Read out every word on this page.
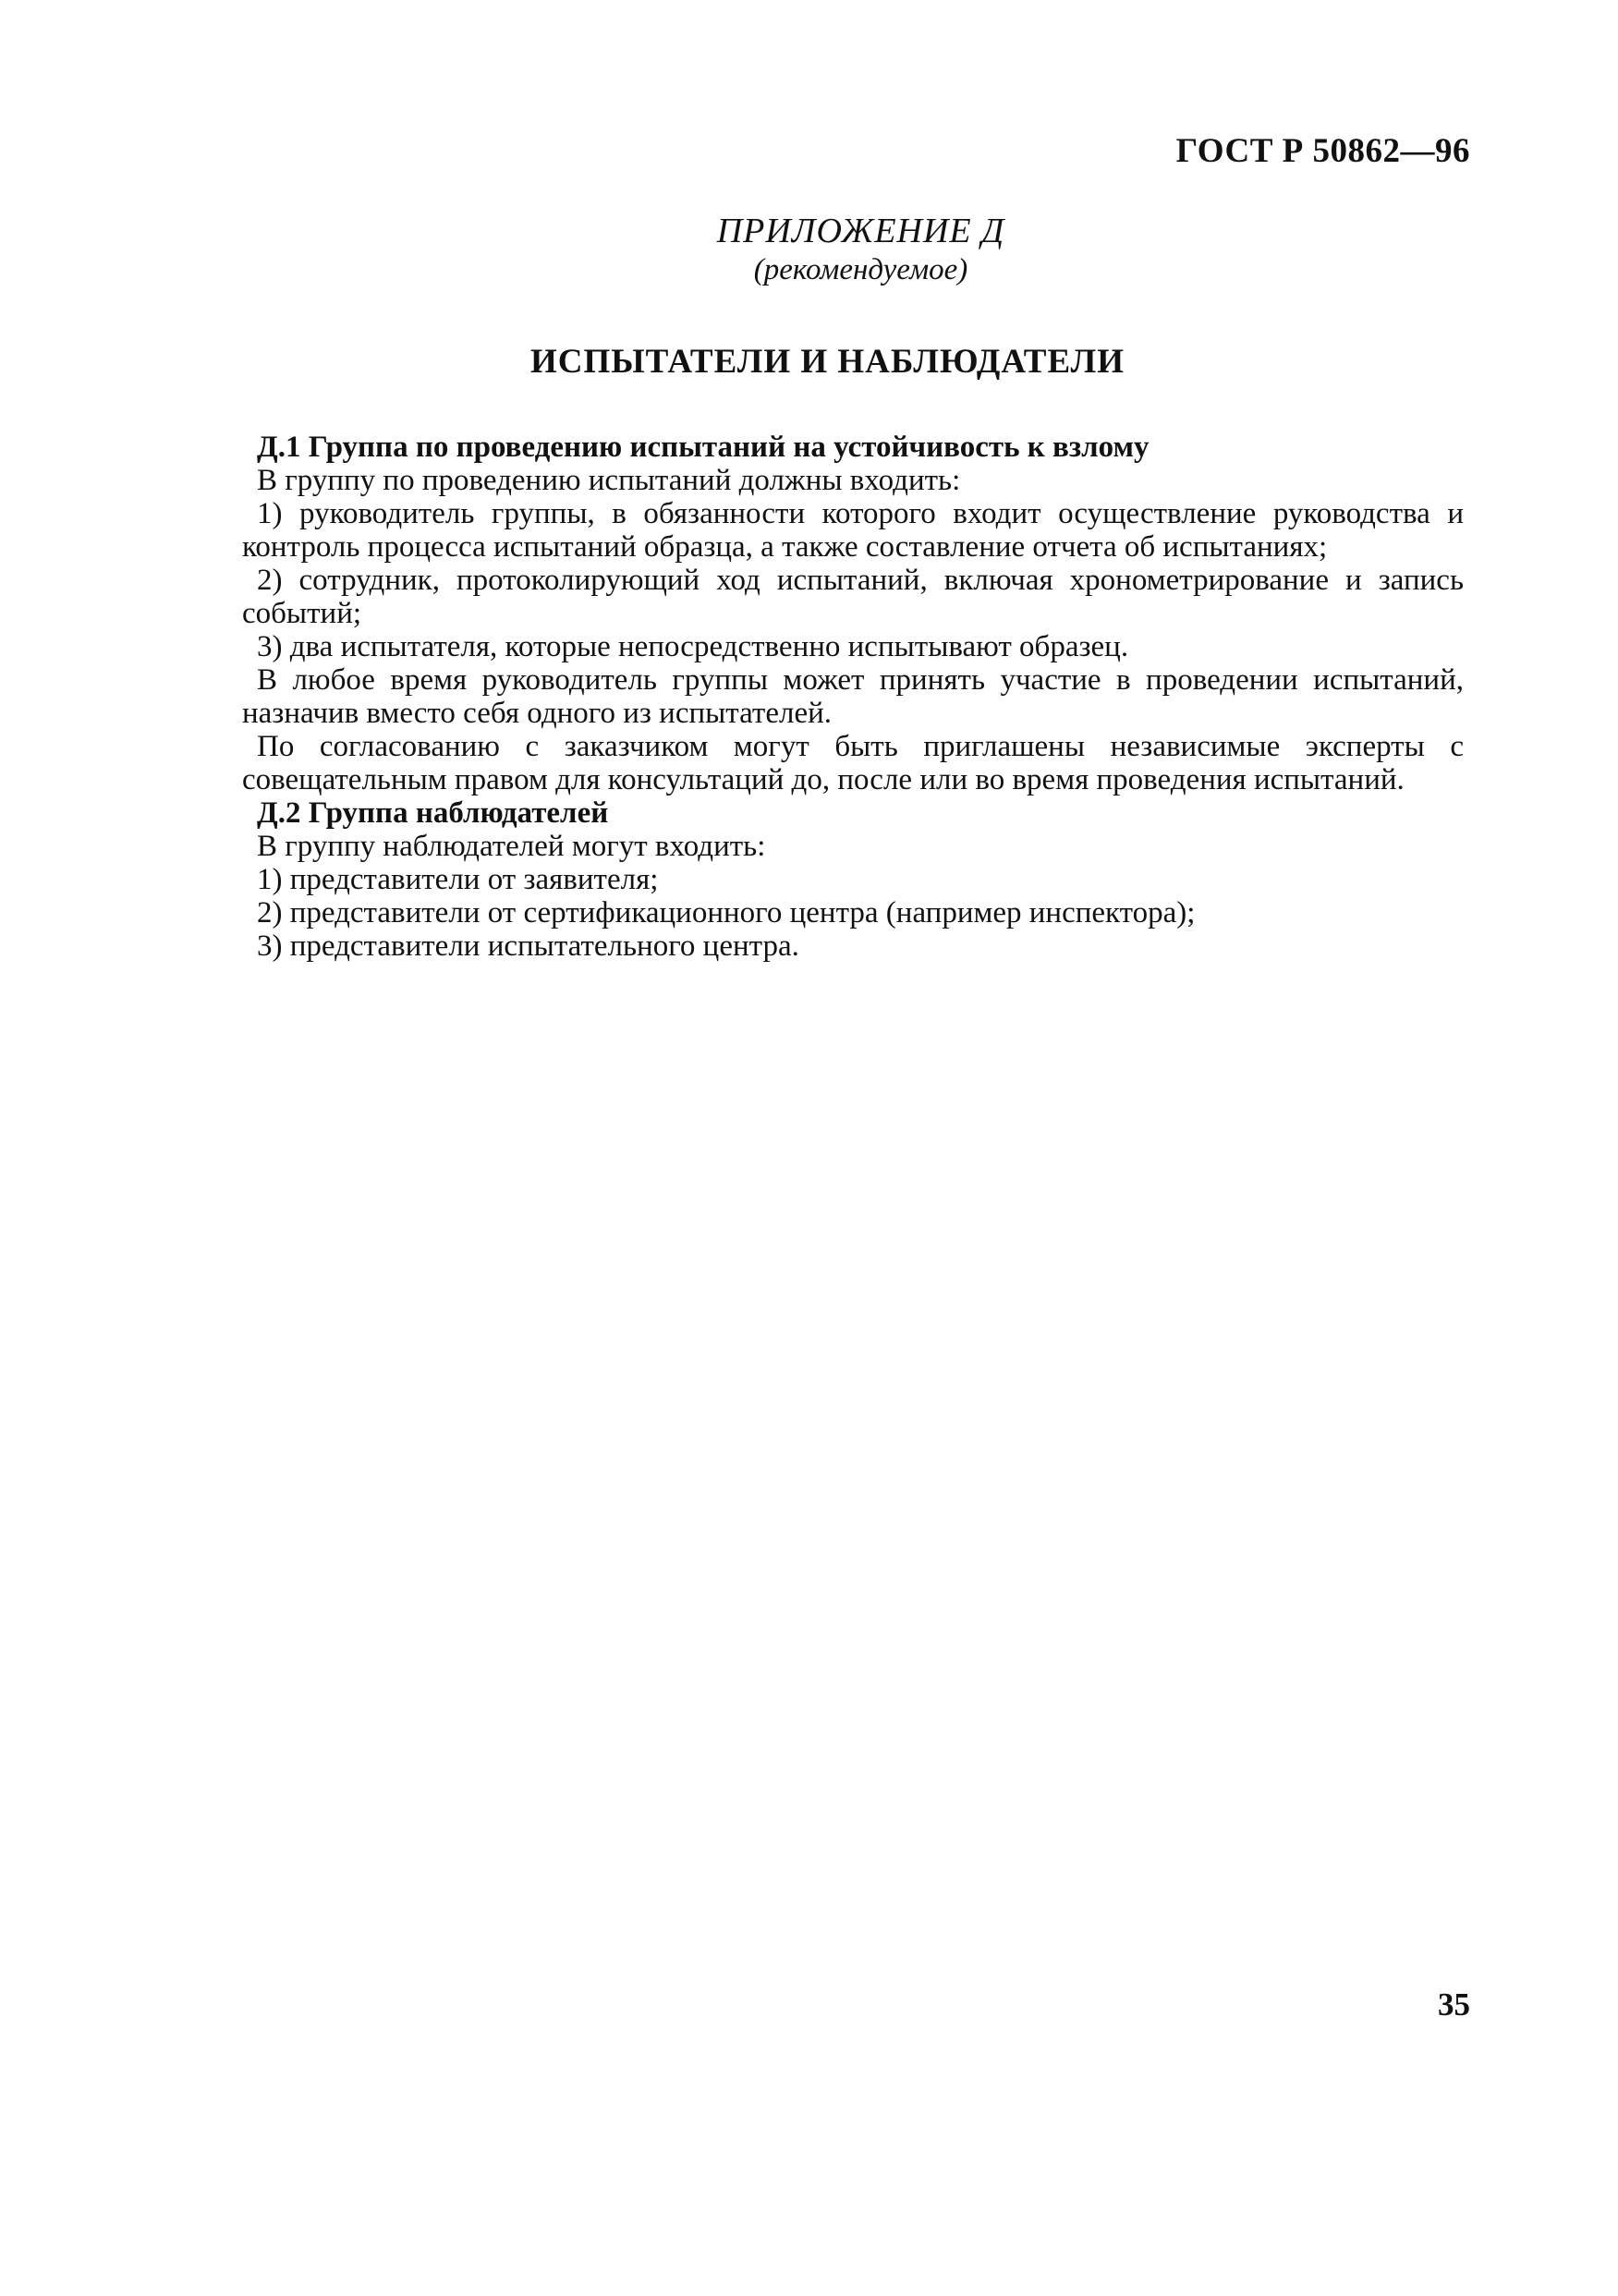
ГОСТ Р 50862—96
ПРИЛОЖЕНИЕ Д
(рекомендуемое)
ИСПЫТАТЕЛИ И НАБЛЮДАТЕЛИ

Д.1 Группа по проведению испытаний на устойчивость к взлому

В группу по проведению испытаний должны входить:

1) руководитель группы, в обязанности которого входит осуществление руководства и контроль процесса испытаний образца, а также составление отчета об испытаниях;

2) сотрудник, протоколирующий ход испытаний, включая хронометрирование и запись событий;

3) два испытателя, которые непосредственно испытывают образец.

В любое время руководитель группы может принять участие в проведении испытаний, назначив вместо себя одного из испытателей.

По согласованию с заказчиком могут быть приглашены независимые эксперты с совещательным правом для консультаций до, после или во время проведения испытаний.

Д.2 Группа наблюдателей

В группу наблюдателей могут входить:

1) представители от заявителя;

2) представители от сертификационного центра (например инспектора);

3) представители испытательного центра.

35
